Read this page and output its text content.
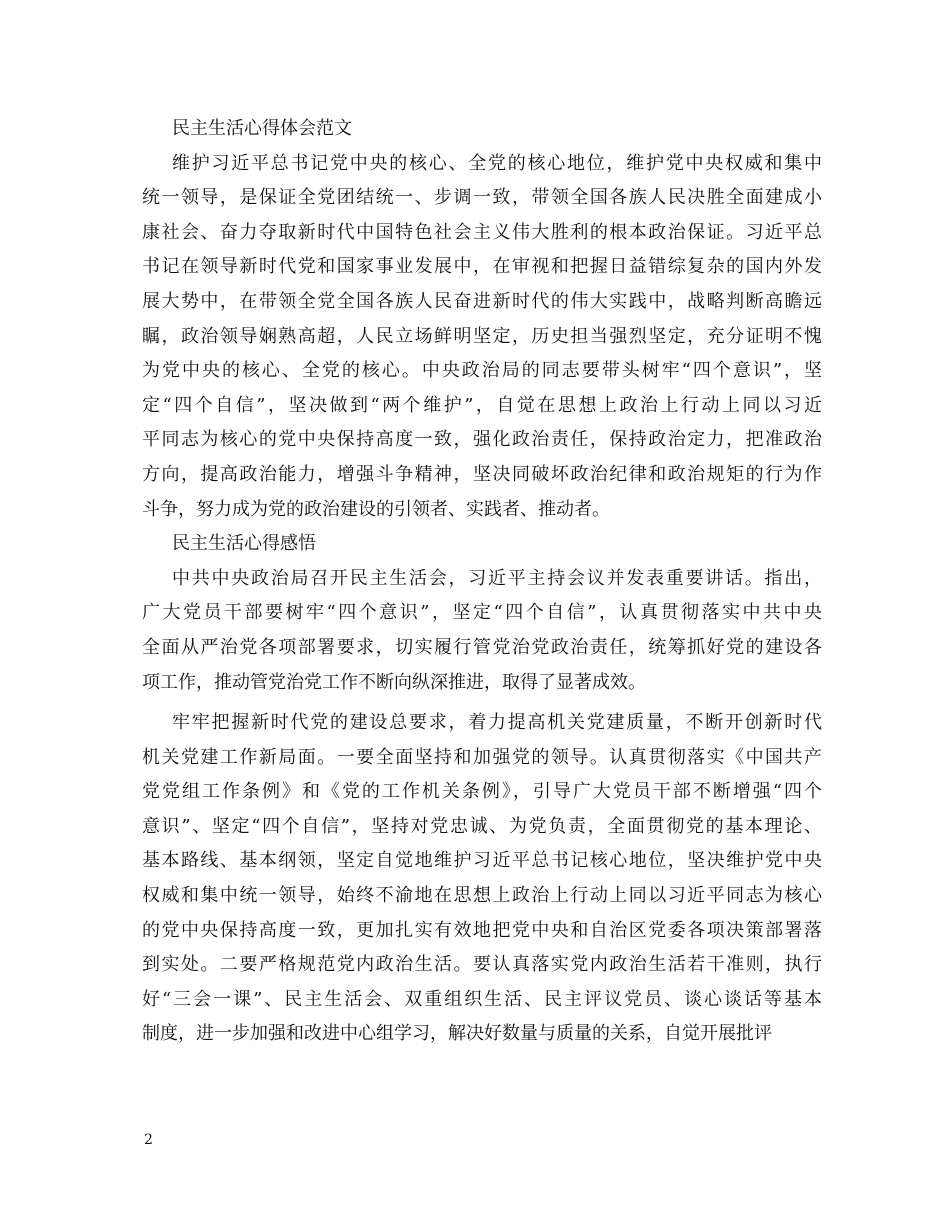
民主生活心得体会范文
维护习近平总书记党中央的核心、全党的核心地位，维护党中央权威和集中
统一领导，是保证全党团结统一、步调一致，带领全国各族人民决胜全面建成小
康社会、奋力夺取新时代中国特色社会主义伟大胜利的根本政治保证。习近平总
书记在领导新时代党和国家事业发展中，在审视和把握日益错综复杂的国内外发
展大势中，在带领全党全国各族人民奋进新时代的伟大实践中，战略判断高瞻远
瞩，政治领导娴熟高超，人民立场鲜明坚定，历史担当强烈坚定，充分证明不愧
为党中央的核心、全党的核心。中央政治局的同志要带头树牢“四个意识”，坚
定“四个自信”，坚决做到“两个维护”，自觉在思想上政治上行动上同以习近
平同志为核心的党中央保持高度一致，强化政治责任，保持政治定力，把准政治
方向，提高政治能力，增强斗争精神，坚决同破坏政治纪律和政治规矩的行为作
斗争，努力成为党的政治建设的引领者、实践者、推动者。
民主生活心得感悟
中共中央政治局召开民主生活会，习近平主持会议并发表重要讲话。指出，
广大党员干部要树牢“四个意识”，坚定“四个自信”，认真贯彻落实中共中央
全面从严治党各项部署要求，切实履行管党治党政治责任，统筹抓好党的建设各
项工作，推动管党治党工作不断向纵深推进，取得了显著成效。
牢牢把握新时代党的建设总要求，着力提高机关党建质量，不断开创新时代
机关党建工作新局面。一要全面坚持和加强党的领导。认真贯彻落实《中国共产
党党组工作条例》和《党的工作机关条例》，引导广大党员干部不断增强“四个
意识”、坚定“四个自信”，坚持对党忠诚、为党负责，全面贯彻党的基本理论、
基本路线、基本纲领，坚定自觉地维护习近平总书记核心地位，坚决维护党中央
权威和集中统一领导，始终不渝地在思想上政治上行动上同以习近平同志为核心
的党中央保持高度一致，更加扎实有效地把党中央和自治区党委各项决策部署落
到实处。二要严格规范党内政治生活。要认真落实党内政治生活若干准则，执行
好“三会一课”、民主生活会、双重组织生活、民主评议党员、谈心谈话等基本
制度，进一步加强和改进中心组学习，解决好数量与质量的关系，自觉开展批评
2
